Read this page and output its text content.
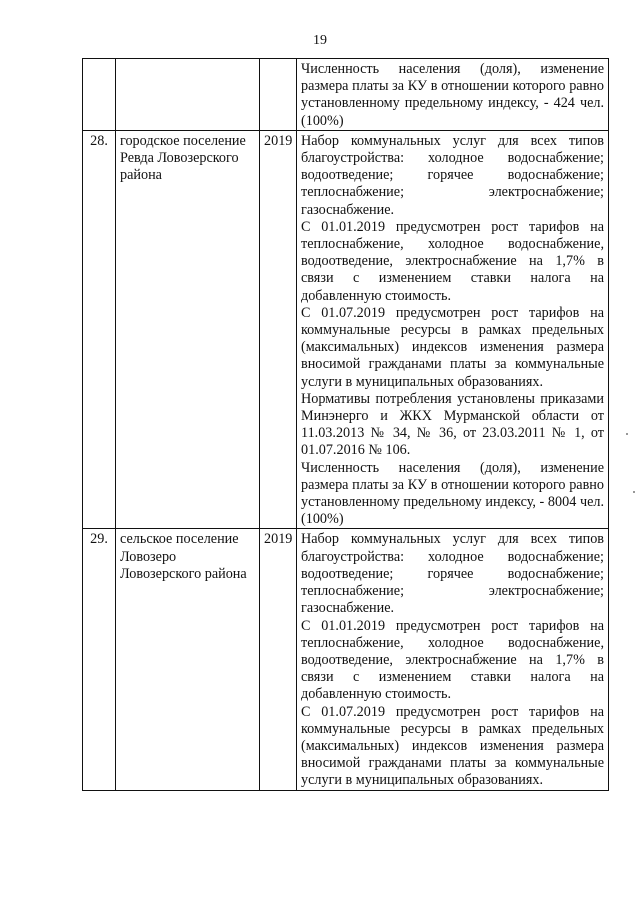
19

			Численность населения (доля), изменение размера платы за КУ в отношении которого равно установленному предельному индексу, - 424 чел. (100%)

28.	городское поселение Ревда Ловозерского района	2019	Набор коммунальных услуг для всех типов благоустройства: холодное водоснабжение; водоотведение; горячее водоснабжение; теплоснабжение; электроснабжение; газоснабжение.
С 01.01.2019 предусмотрен рост тарифов на теплоснабжение, холодное водоснабжение, водоотведение, электроснабжение на 1,7% в связи с изменением ставки налога на добавленную стоимость.
С 01.07.2019 предусмотрен рост тарифов на коммунальные ресурсы в рамках предельных (максимальных) индексов изменения размера вносимой гражданами платы за коммунальные услуги в муниципальных образованиях.
Нормативы потребления установлены приказами Минэнерго и ЖКХ Мурманской области от 11.03.2013 № 34, № 36, от 23.03.2011 № 1, от 01.07.2016 № 106.
Численность населения (доля), изменение размера платы за КУ в отношении которого равно установленному предельному индексу, - 8004 чел. (100%)

29.	сельское поселение Ловозеро Ловозерского района	2019	Набор коммунальных услуг для всех типов благоустройства: холодное водоснабжение; водоотведение; горячее водоснабжение; теплоснабжение; электроснабжение; газоснабжение.
С 01.01.2019 предусмотрен рост тарифов на теплоснабжение, холодное водоснабжение, водоотведение, электроснабжение на 1,7% в связи с изменением ставки налога на добавленную стоимость.
С 01.07.2019 предусмотрен рост тарифов на коммунальные ресурсы в рамках предельных (максимальных) индексов изменения размера вносимой гражданами платы за коммунальные услуги в муниципальных образованиях.
